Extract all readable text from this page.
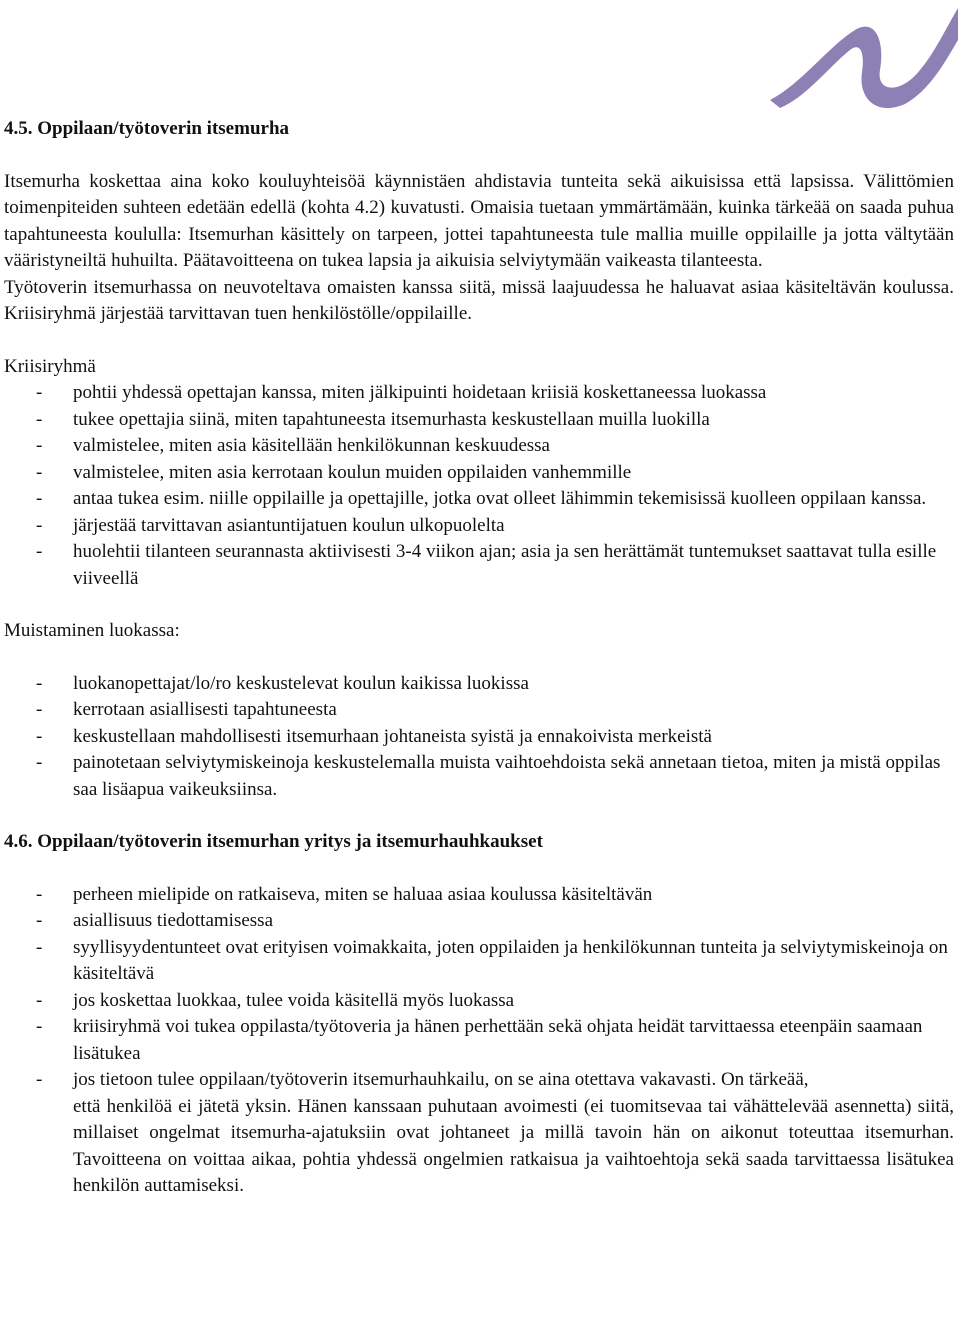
4.5. Oppilaan/työtoverin itsemurha

Itsemurha koskettaa aina koko kouluyhteisöä käynnistäen ahdistavia tunteita sekä aikuisissa että lapsissa. Välittömien toimenpiteiden suhteen edetään edellä (kohta 4.2) kuvatusti. Omaisia tuetaan ymmärtämään, kuinka tärkeää on saada puhua tapahtuneesta koululla: Itsemurhan käsittely on tarpeen, jottei tapahtuneesta tule mallia muille oppilaille ja jotta vältytään vääristyneiltä huhuilta. Päätavoitteena on tukea lapsia ja aikuisia selviytymään vaikeasta tilanteesta.

Työtoverin itsemurhassa on neuvoteltava omaisten kanssa siitä, missä laajuudessa he haluavat asiaa käsiteltävän koulussa. Kriisiryhmä järjestää tarvittavan tuen henkilöstölle/oppilaille.

Kriisiryhmä

- pohtii yhdessä opettajan kanssa, miten jälkipuinti hoidetaan kriisiä koskettaneessa luokassa
- tukee opettajia siinä, miten tapahtuneesta itsemurhasta keskustellaan muilla luokilla
- valmistelee, miten asia käsitellään henkilökunnan keskuudessa
- valmistelee, miten asia kerrotaan koulun muiden oppilaiden vanhemmille
- antaa tukea esim. niille oppilaille ja opettajille, jotka ovat olleet lähimmin tekemisissä kuolleen oppilaan kanssa.
- järjestää tarvittavan asiantuntijatuen koulun ulkopuolelta
- huolehtii tilanteen seurannasta aktiivisesti 3-4 viikon ajan; asia ja sen herättämät tuntemukset saattavat tulla esille viiveellä

Muistaminen luokassa:

- luokanopettajat/lo/ro keskustelevat koulun kaikissa luokissa
- kerrotaan asiallisesti tapahtuneesta
- keskustellaan mahdollisesti itsemurhaan johtaneista syistä ja ennakoivista merkeistä
- painotetaan selviytymiskeinoja keskustelemalla muista vaihtoehdoista sekä annetaan tietoa, miten ja mistä oppilas saa lisäapua vaikeuksiinsa.

4.6. Oppilaan/työtoverin itsemurhan yritys ja itsemurhauhkaukset

- perheen mielipide on ratkaiseva, miten se haluaa asiaa koulussa käsiteltävän
- asiallisuus tiedottamisessa
- syyllisyydentunteet ovat erityisen voimakkaita, joten oppilaiden ja henkilökunnan tunteita ja selviytymiskeinoja on käsiteltävä
- jos koskettaa luokkaa, tulee voida käsitellä myös luokassa
- kriisiryhmä voi tukea oppilasta/työtoveria ja hänen perhettään sekä ohjata heidät tarvittaessa eteenpäin saamaan lisätukea
- jos tietoon tulee oppilaan/työtoverin itsemurhauhkailu, on se aina otettava vakavasti. On tärkeää,

että henkilöä ei jätetä yksin. Hänen kanssaan puhutaan avoimesti (ei tuomitsevaa tai vähättelevää asennetta) siitä, millaiset ongelmat itsemurha-ajatuksiin ovat johtaneet ja millä tavoin hän on aikonut toteuttaa itsemurhan. Tavoitteena on voittaa aikaa, pohtia yhdessä ongelmien ratkaisua ja vaihtoehtoja sekä saada tarvittaessa lisätukea henkilön auttamiseksi.
